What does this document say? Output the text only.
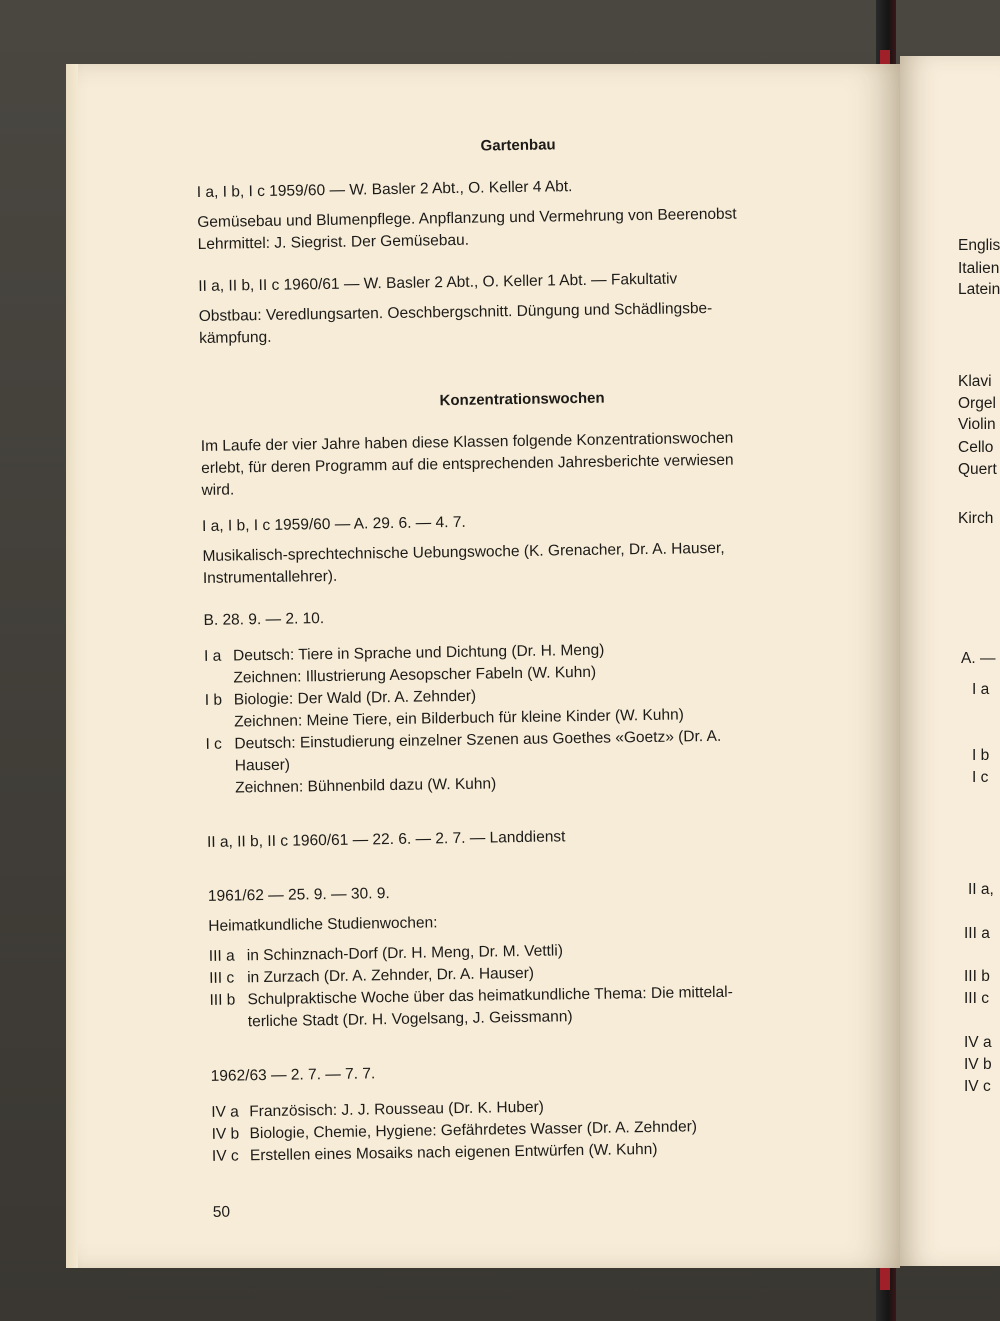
Gartenbau

I a, I b, I c 1959/60 — W. Basler 2 Abt., O. Keller 4 Abt.

Gemüsebau und Blumenpflege. Anpflanzung und Vermehrung von Beerenobst

Lehrmittel: J. Siegrist. Der Gemüsebau.

II a, II b, II c 1960/61 — W. Basler 2 Abt., O. Keller 1 Abt. — Fakultativ

Obstbau: Veredlungsarten. Oeschbergschnitt. Düngung und Schädlingsbe-

kämpfung.

Konzentrationswochen

Im Laufe der vier Jahre haben diese Klassen folgende Konzentrationswochen

erlebt, für deren Programm auf die entsprechenden Jahresberichte verwiesen

wird.

I a, I b, I c 1959/60 — A. 29. 6. — 4. 7.

Musikalisch-sprechtechnische Uebungswoche (K. Grenacher, Dr. A. Hauser,

Instrumentallehrer).

B. 28. 9. — 2. 10.

I a Deutsch: Tiere in Sprache und Dichtung (Dr. H. Meng)

Zeichnen: Illustrierung Aesopscher Fabeln (W. Kuhn)

I b Biologie: Der Wald (Dr. A. Zehnder)

Zeichnen: Meine Tiere, ein Bilderbuch für kleine Kinder (W. Kuhn)

I c Deutsch: Einstudierung einzelner Szenen aus Goethes «Goetz» (Dr. A.

Hauser)

Zeichnen: Bühnenbild dazu (W. Kuhn)

II a, II b, II c 1960/61 — 22. 6. — 2. 7. — Landdienst

1961/62 — 25. 9. — 30. 9.

Heimatkundliche Studienwochen:

III a in Schinznach-Dorf (Dr. H. Meng, Dr. M. Vettli)
III c in Zurzach (Dr. A. Zehnder, Dr. A. Hauser)
III b Schulpraktische Woche über das heimatkundliche Thema: Die mittelal-

terliche Stadt (Dr. H. Vogelsang, J. Geissmann)

1962/63 — 2. 7. — 7. 7.

IV a Französisch: J. J. Rousseau (Dr. K. Huber)
IV b Biologie, Chemie, Hygiene: Gefährdetes Wasser (Dr. A. Zehnder)
IV c Erstellen eines Mosaiks nach eigenen Entwürfen (W. Kuhn)

50

Englis
Italien
Latein
Klavi
Orgel
Violin
Cello
Quert
Kirch
A. —
I a
I b
I c
II a,
III a
III b
III c
IV a
IV b
IV c
